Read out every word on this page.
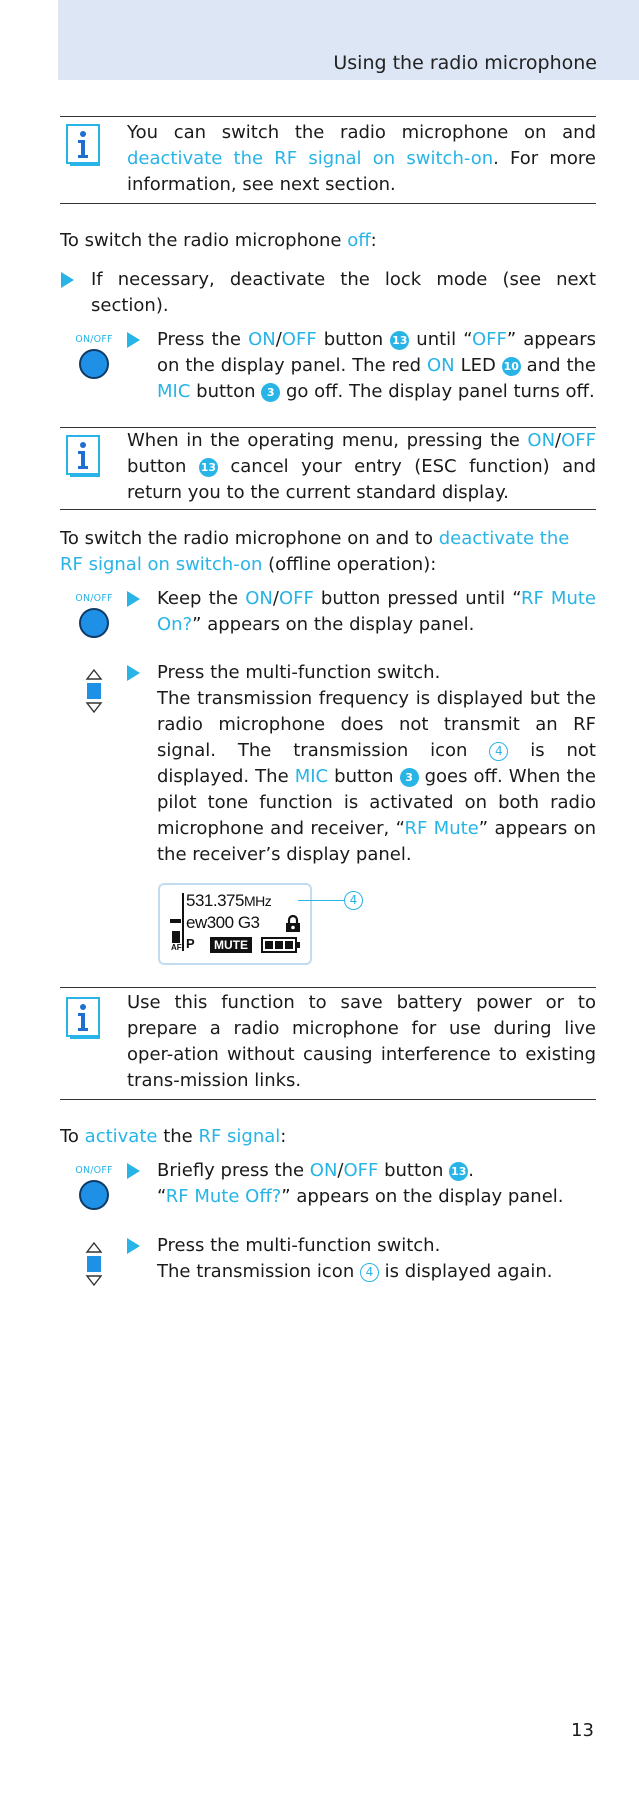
Using the radio microphone
You can switch the radio microphone on and deactivate the RF signal on switch-on. For more information, see next section.
To switch the radio microphone off:
If necessary, deactivate the lock mode (see next section).
ON/OFF Press the ON/OFF button 13 until “OFF” appears on the display panel. The red ON LED 10 and the MIC button 3 go off. The display panel turns off.
When in the operating menu, pressing the ON/OFF button 13 cancel your entry (ESC function) and return you to the current standard display.
To switch the radio microphone on and to deactivate the RF signal on switch-on (offline operation):
ON/OFF Keep the ON/OFF button pressed until “RF Mute On?” appears on the display panel.
Press the multi-function switch.
The transmission frequency is displayed but the radio microphone does not transmit an RF signal. The transmission icon 4 is not displayed. The MIC button 3 goes off. When the pilot tone function is activated on both radio microphone and receiver, “RF Mute” appears on the receiver’s display panel.
531.375MHz
ew300 G3
AF P	MUTE
4
Use this function to save battery power or to prepare a radio microphone for use during live oper-ation without causing interference to existing trans-mission links.
To activate the RF signal:
ON/OFF Briefly press the ON/OFF button 13 .
“RF Mute Off?” appears on the display panel.
Press the multi-function switch.
The transmission icon 4 is displayed again.
13
